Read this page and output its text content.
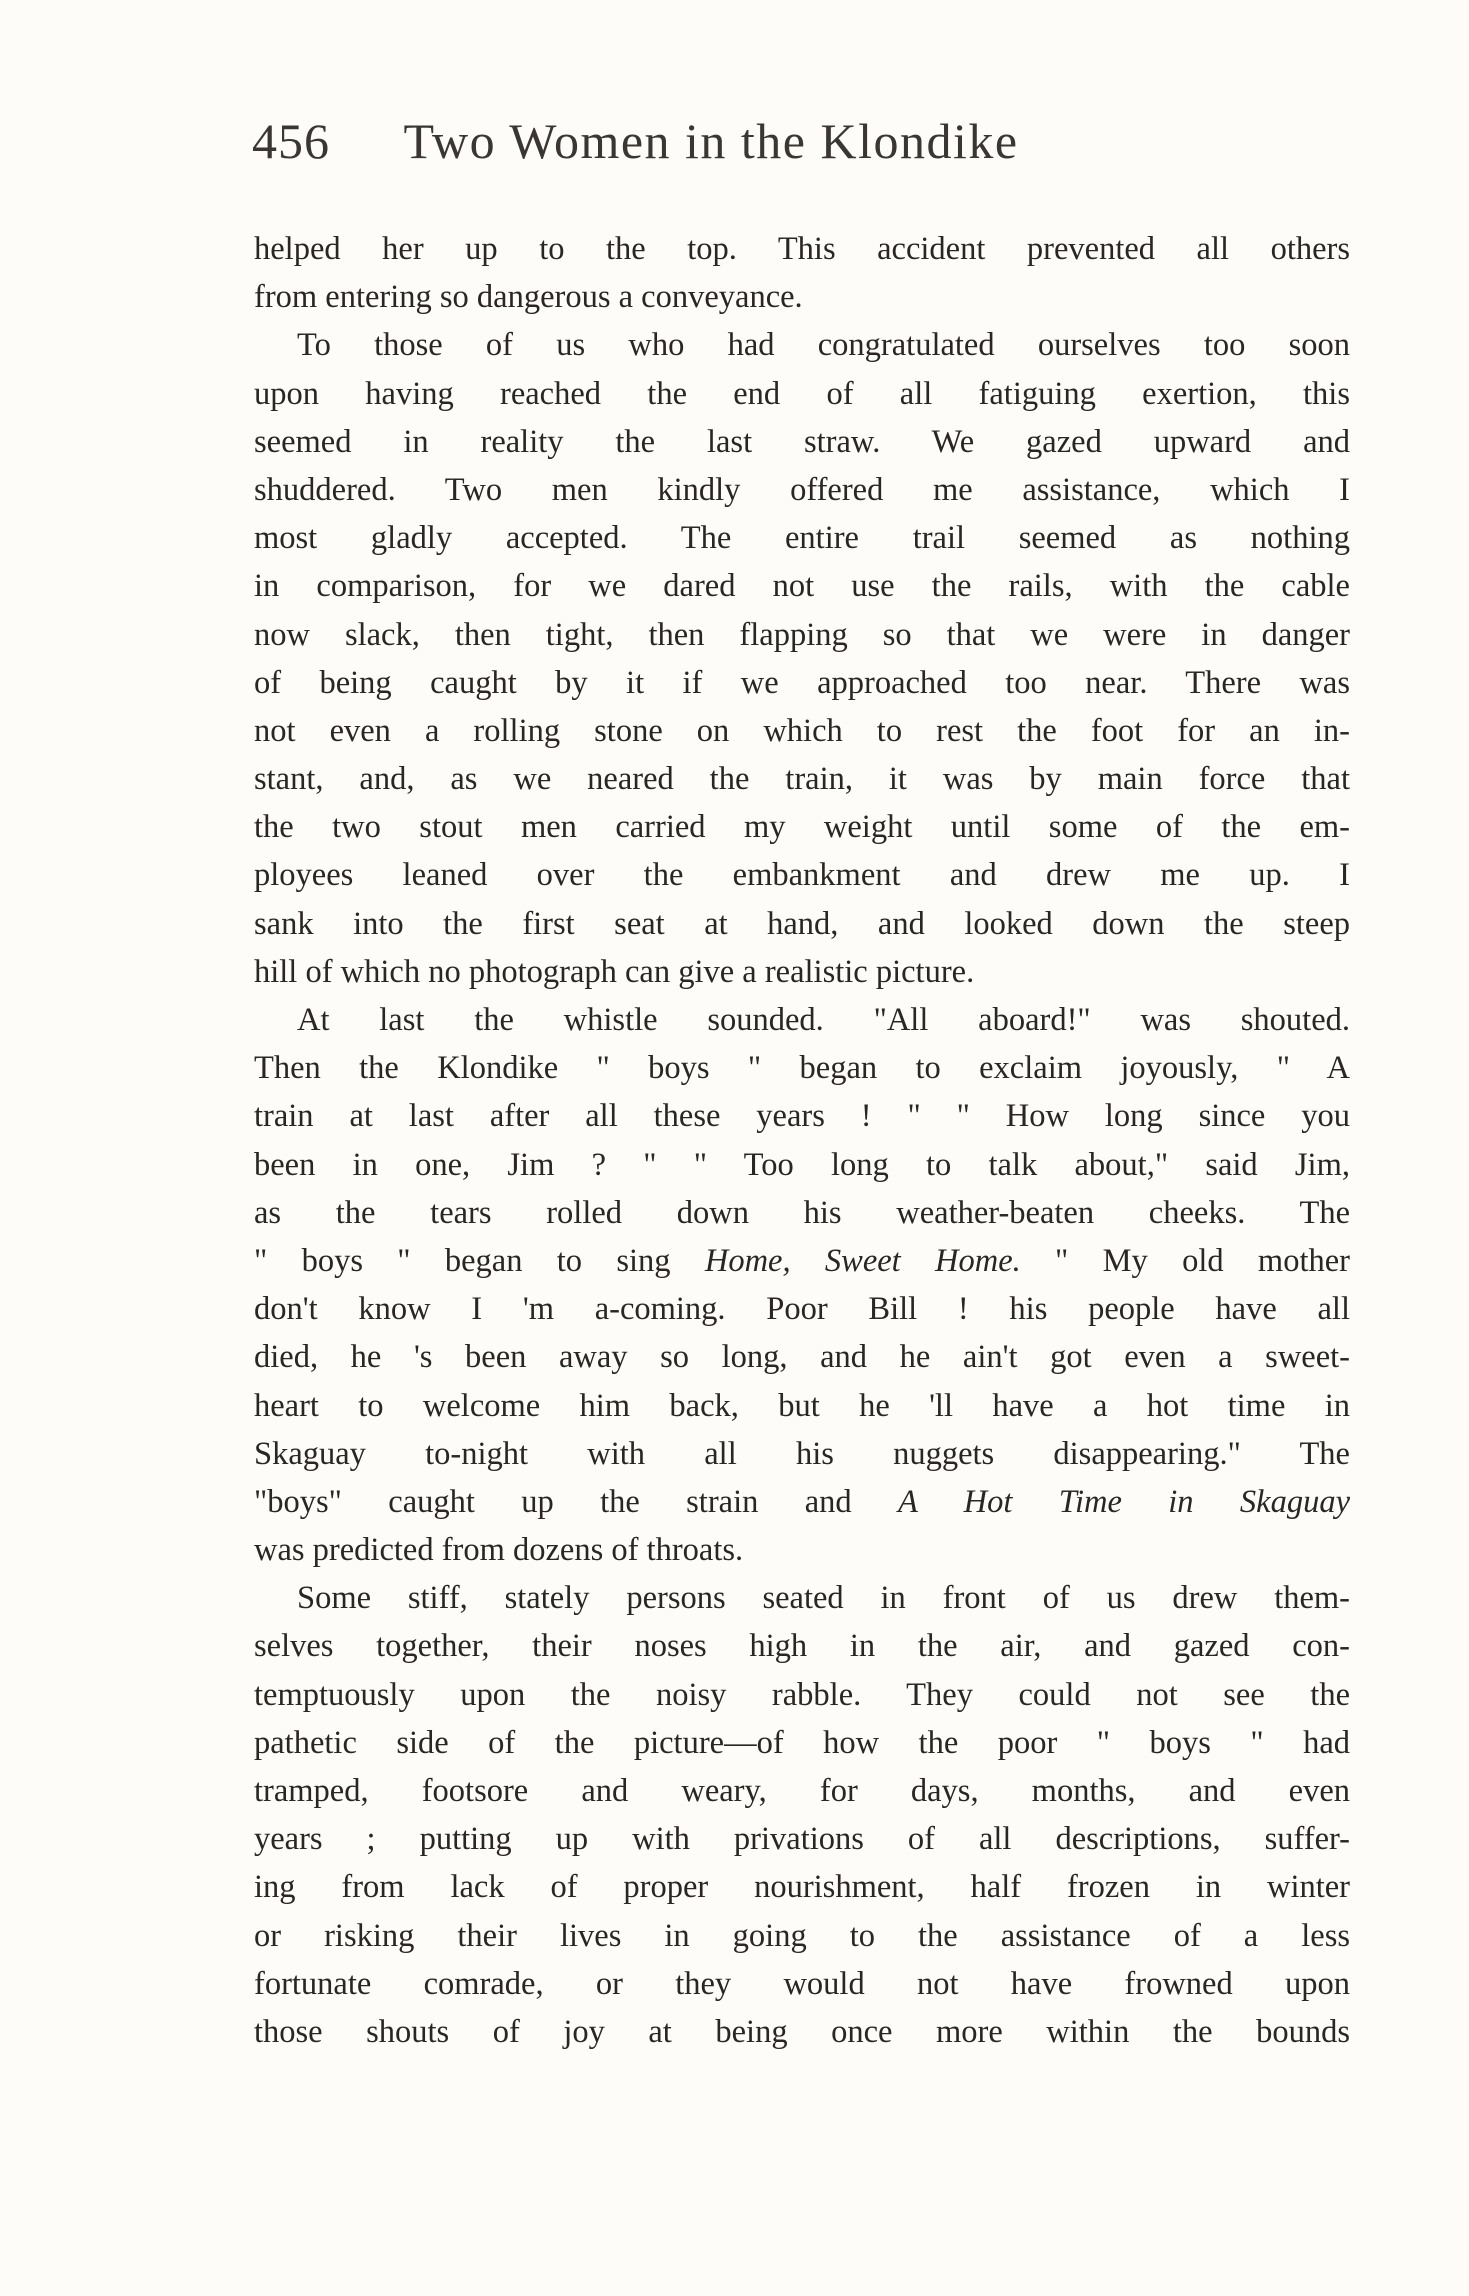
456 Two Women in the Klondike
helped her up to the top. This accident prevented all others
from entering so dangerous a conveyance.
To those of us who had congratulated ourselves too soon
upon having reached the end of all fatiguing exertion, this
seemed in reality the last straw. We gazed upward and
shuddered. Two men kindly offered me assistance, which I
most gladly accepted. The entire trail seemed as nothing
in comparison, for we dared not use the rails, with the cable
now slack, then tight, then flapping so that we were in danger
of being caught by it if we approached too near. There was
not even a rolling stone on which to rest the foot for an in-
stant, and, as we neared the train, it was by main force that
the two stout men carried my weight until some of the em-
ployees leaned over the embankment and drew me up. I
sank into the first seat at hand, and looked down the steep
hill of which no photograph can give a realistic picture.
At last the whistle sounded. "All aboard!" was shouted.
Then the Klondike " boys " began to exclaim joyously, " A
train at last after all these years ! " " How long since you
been in one, Jim ? " " Too long to talk about," said Jim,
as the tears rolled down his weather-beaten cheeks. The
" boys " began to sing Home, Sweet Home. " My old mother
don't know I 'm a-coming. Poor Bill ! his people have all
died, he 's been away so long, and he ain't got even a sweet-
heart to welcome him back, but he 'll have a hot time in
Skaguay to-night with all his nuggets disappearing." The
"boys" caught up the strain and A Hot Time in Skaguay
was predicted from dozens of throats.
Some stiff, stately persons seated in front of us drew them-
selves together, their noses high in the air, and gazed con-
temptuously upon the noisy rabble. They could not see the
pathetic side of the picture—of how the poor " boys " had
tramped, footsore and weary, for days, months, and even
years ; putting up with privations of all descriptions, suffer-
ing from lack of proper nourishment, half frozen in winter
or risking their lives in going to the assistance of a less
fortunate comrade, or they would not have frowned upon
those shouts of joy at being once more within the bounds
